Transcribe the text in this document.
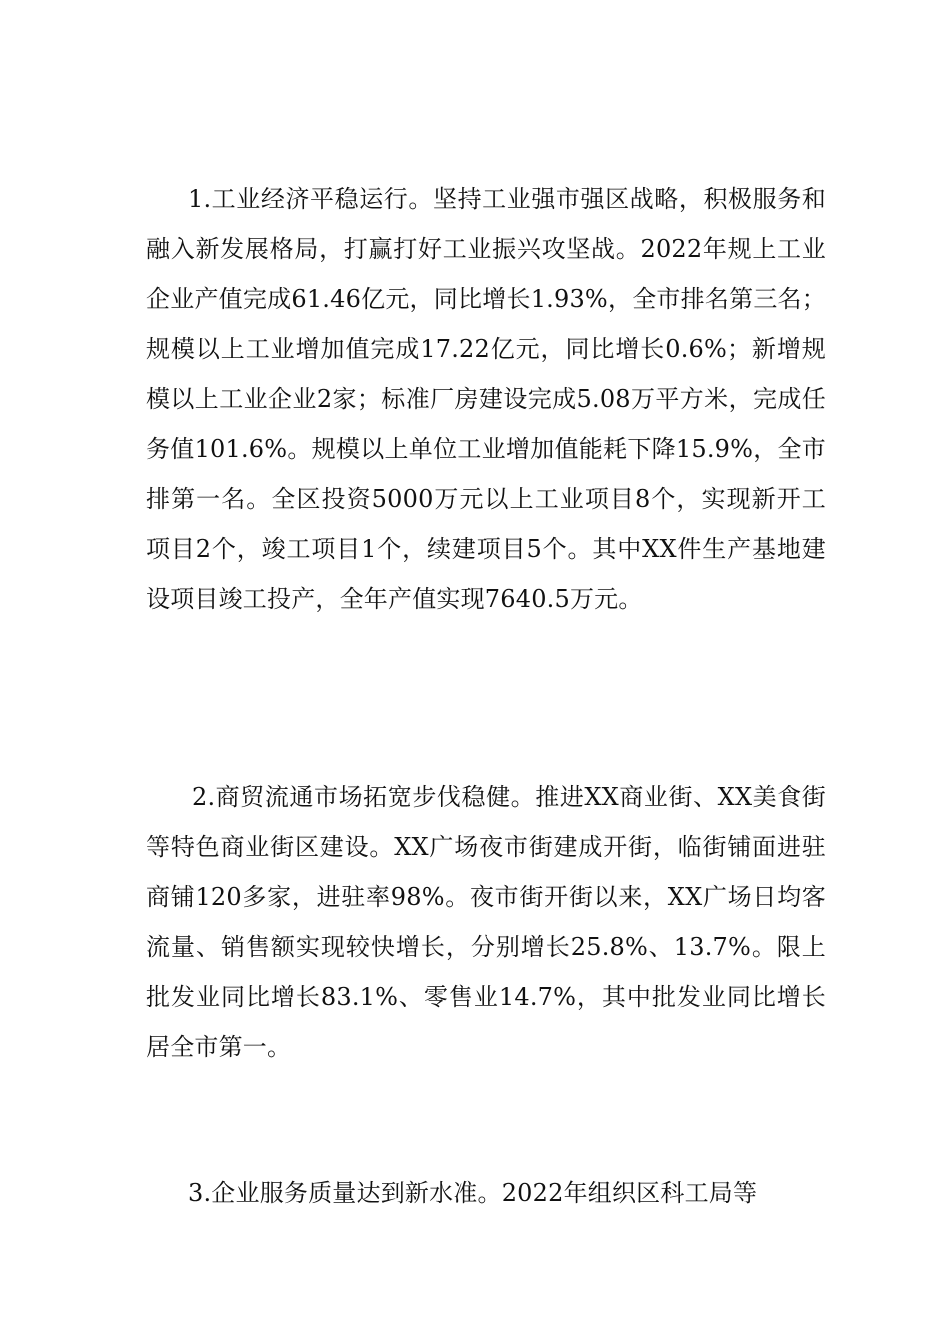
1.工业经济平稳运行。坚持工业强市强区战略，积极服务和融入新发展格局，打赢打好工业振兴攻坚战。2022年规上工业企业产值完成61.46亿元，同比增长1.93%，全市排名第三名；规模以上工业增加值完成17.22亿元，同比增长0.6%；新增规模以上工业企业2家；标准厂房建设完成5.08万平方米，完成任务值101.6%。规模以上单位工业增加值能耗下降15.9%，全市排第一名。全区投资5000万元以上工业项目8个，实现新开工项目2个，竣工项目1个，续建项目5个。其中XX件生产基地建设项目竣工投产，全年产值实现7640.5万元。

2.商贸流通市场拓宽步伐稳健。推进XX商业街、XX美食街等特色商业街区建设。XX广场夜市街建成开街，临街铺面进驻商铺120多家，进驻率98%。夜市街开街以来，XX广场日均客流量、销售额实现较快增长，分别增长25.8%、13.7%。限上批发业同比增长83.1%、零售业14.7%，其中批发业同比增长居全市第一。

3.企业服务质量达到新水准。2022年组织区科工局等
